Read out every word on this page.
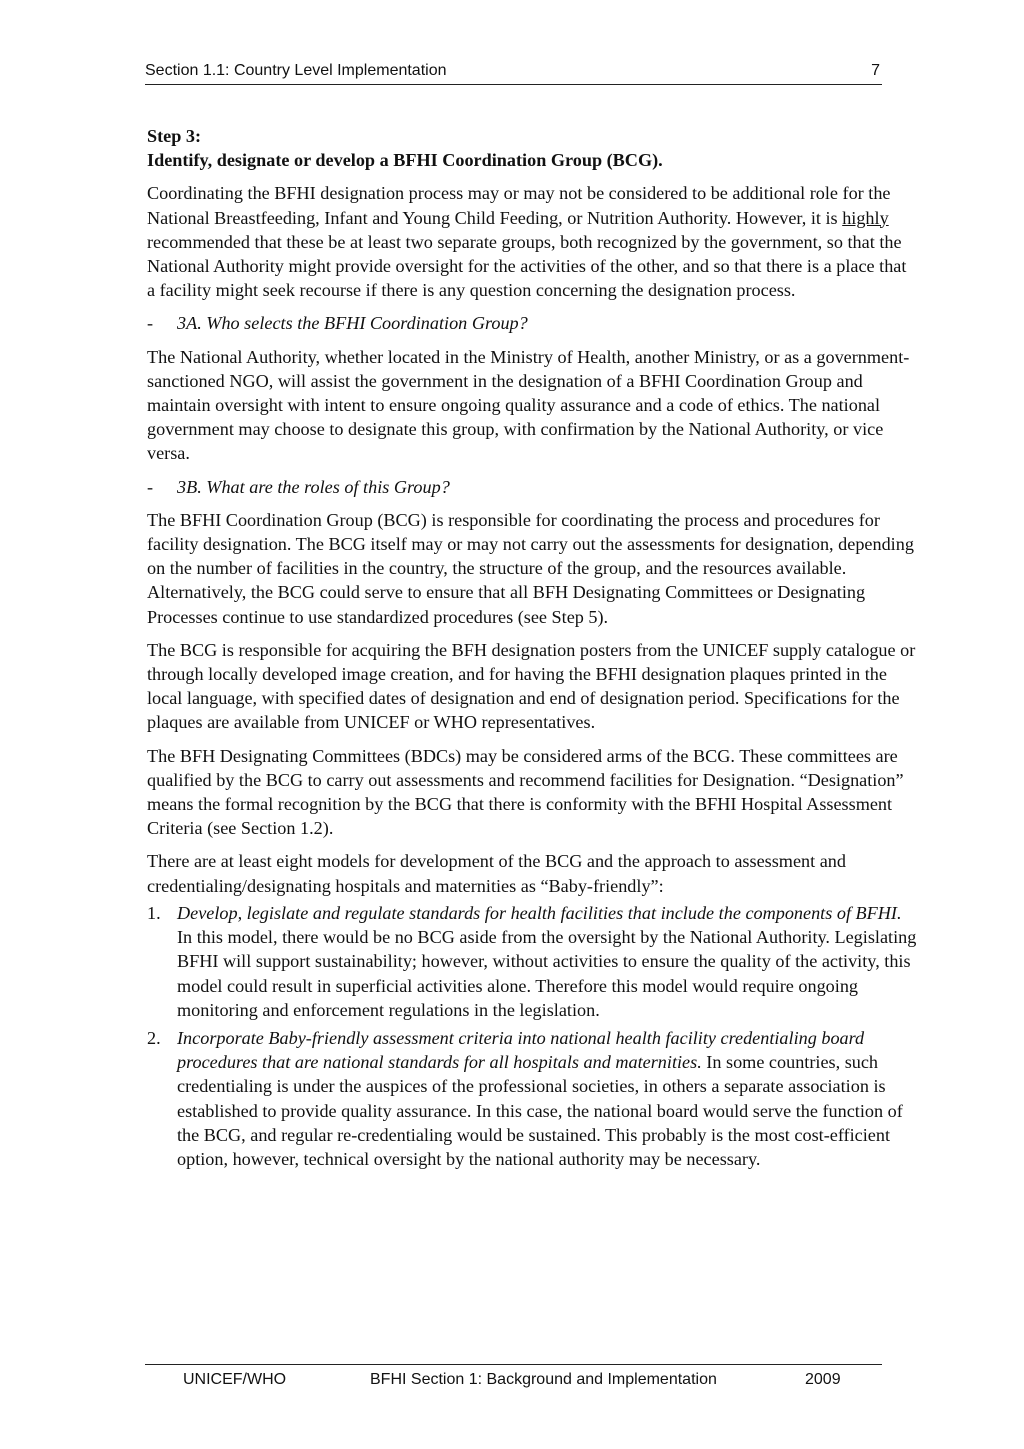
Section 1.1: Country Level Implementation	7
Step 3:
Identify, designate or develop a BFHI Coordination Group (BCG).

Coordinating the BFHI designation process may or may not be considered to be additional role for the National Breastfeeding, Infant and Young Child Feeding, or Nutrition Authority. However, it is highly recommended that these be at least two separate groups, both recognized by the government, so that the National Authority might provide oversight for the activities of the other, and so that there is a place that a facility might seek recourse if there is any question concerning the designation process.

-	3A. Who selects the BFHI Coordination Group?

The National Authority, whether located in the Ministry of Health, another Ministry, or as a government-sanctioned NGO, will assist the government in the designation of a BFHI Coordination Group and maintain oversight with intent to ensure ongoing quality assurance and a code of ethics. The national government may choose to designate this group, with confirmation by the National Authority, or vice versa.

-	3B. What are the roles of this Group?

The BFHI Coordination Group (BCG) is responsible for coordinating the process and procedures for facility designation. The BCG itself may or may not carry out the assessments for designation, depending on the number of facilities in the country, the structure of the group, and the resources available. Alternatively, the BCG could serve to ensure that all BFH Designating Committees or Designating Processes continue to use standardized procedures (see Step 5).

The BCG is responsible for acquiring the BFH designation posters from the UNICEF supply catalogue or through locally developed image creation, and for having the BFHI designation plaques printed in the local language, with specified dates of designation and end of designation period. Specifications for the plaques are available from UNICEF or WHO representatives.

The BFH Designating Committees (BDCs) may be considered arms of the BCG. These committees are qualified by the BCG to carry out assessments and recommend facilities for Designation. “Designation” means the formal recognition by the BCG that there is conformity with the BFHI Hospital Assessment Criteria (see Section 1.2).

There are at least eight models for development of the BCG and the approach to assessment and credentialing/designating hospitals and maternities as “Baby-friendly”:

1. Develop, legislate and regulate standards for health facilities that include the components of BFHI. In this model, there would be no BCG aside from the oversight by the National Authority. Legislating BFHI will support sustainability; however, without activities to ensure the quality of the activity, this model could result in superficial activities alone. Therefore this model would require ongoing monitoring and enforcement regulations in the legislation.
2. Incorporate Baby-friendly assessment criteria into national health facility credentialing board procedures that are national standards for all hospitals and maternities. In some countries, such credentialing is under the auspices of the professional societies, in others a separate association is established to provide quality assurance. In this case, the national board would serve the function of the BCG, and regular re-credentialing would be sustained. This probably is the most cost-efficient option, however, technical oversight by the national authority may be necessary.
UNICEF/WHO	BFHI Section 1: Background and Implementation	2009
